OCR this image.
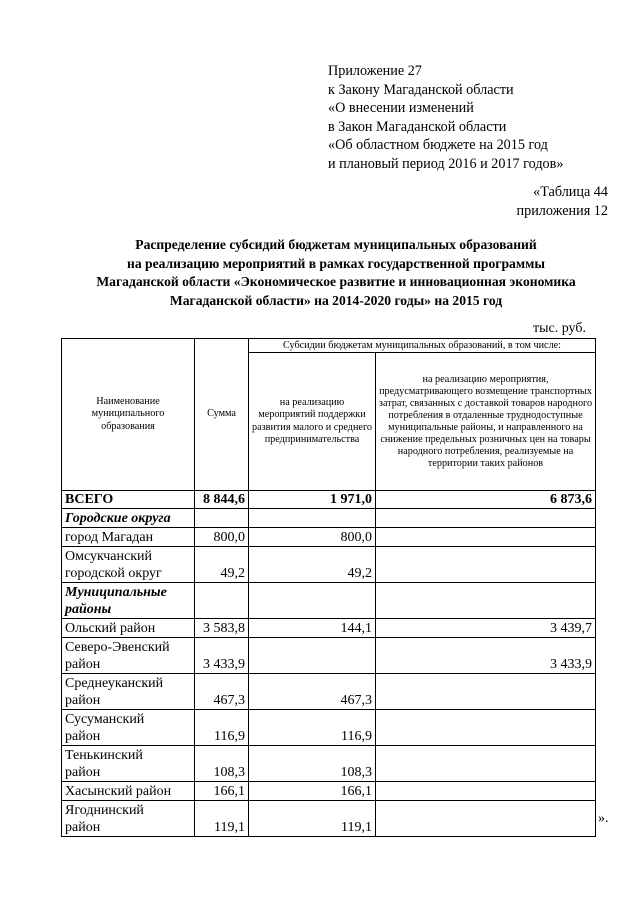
Приложение 27
к Закону Магаданской области
«О внесении изменений
в Закон Магаданской области
«Об областном бюджете на 2015 год
и плановый период 2016 и 2017 годов»
«Таблица 44
приложения 12
Распределение субсидий бюджетам муниципальных образований
на реализацию мероприятий в рамках государственной программы
Магаданской области «Экономическое развитие и инновационная экономика
Магаданской области» на 2014-2020 годы» на 2015 год
тыс. руб.
Наименование муниципального образования	Сумма	Субсидии бюджетам муниципальных образований, в том числе:	
		на реализацию мероприятий поддержки развития малого и среднего предпринимательства	на реализацию мероприятия, предусматривающего возмещение транспортных затрат, связанных с доставкой товаров народного потребления в отдаленные труднодоступные муниципальные районы, и направленного на снижение предельных розничных цен на товары народного потребления, реализуемые на территории таких районов
ВСЕГО	8 844,6	1 971,0	6 873,6
Городские округа			
город Магадан	800,0	800,0	

Омсукчанский
городской округ	49,2	49,2	

Муниципальные
районы			

Ольский район	3 583,8	144,1	3 439,7

Северо-Эвенский
район	3 433,9		3 433,9

Среднеуканский
район	467,3	467,3	

Сусуманский
район	116,9	116,9	

Тенькинский
район	108,3	108,3	
Хасынский район	166,1	166,1	

Ягоднинский
район	119,1	119,1	
».
